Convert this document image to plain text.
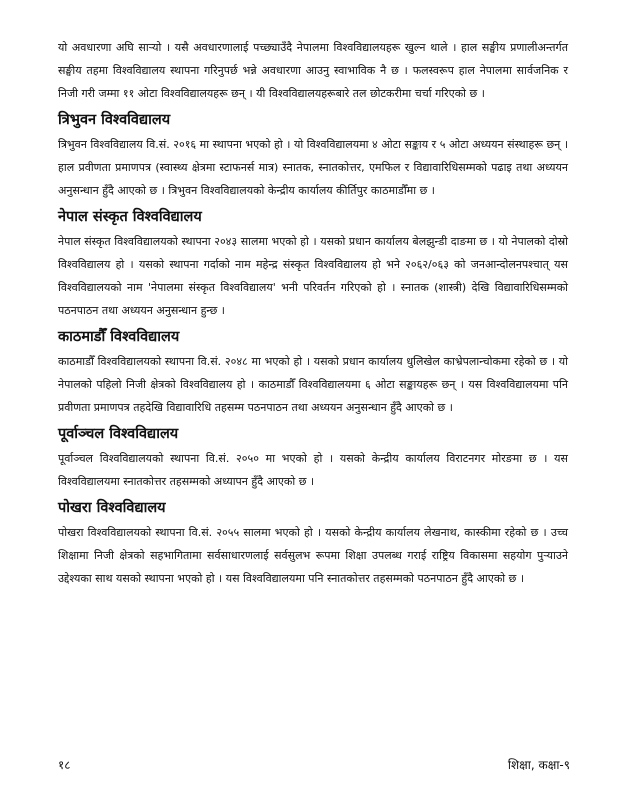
यो अवधारणा अघि सार्‍यो । यसै अवधारणालाई पच्छ्याउँदै नेपालमा विश्वविद्यालयहरू खुल्न थाले । हाल सङ्घीय प्रणालीअन्तर्गत सङ्घीय तहमा विश्वविद्यालय स्थापना गरिनुपर्छ भन्ने अवधारणा आउनु स्वाभाविक नै छ । फलस्वरूप हाल नेपालमा सार्वजनिक र निजी गरी जम्मा ११ ओटा विश्वविद्यालयहरू छन् । यी विश्वविद्यालयहरूबारे तल छोटकरीमा चर्चा गरिएको छ ।

त्रिभुवन विश्वविद्यालय

त्रिभुवन विश्वविद्यालय वि.सं. २०१६ मा स्थापना भएको हो । यो विश्वविद्यालयमा ४ ओटा सङ्काय र ५ ओटा अध्ययन संस्थाहरू छन् । हाल प्रवीणता प्रमाणपत्र (स्वास्थ्य क्षेत्रमा स्टाफनर्स मात्र) स्नातक, स्नातकोत्तर, एमफिल र विद्यावारिधिसम्मको पढाइ तथा अध्ययन अनुसन्धान हुँदै आएको छ । त्रिभुवन विश्वविद्यालयको केन्द्रीय कार्यालय कीर्तिपुर काठमाडौँमा छ ।

नेपाल संस्कृत विश्वविद्यालय

नेपाल संस्कृत विश्वविद्यालयको स्थापना २०४३ सालमा भएको हो । यसको प्रधान कार्यालय बेलझुन्डी दाङमा छ । यो नेपालको दोस्रो विश्वविद्यालय हो । यसको स्थापना गर्दाको नाम महेन्द्र संस्कृत विश्वविद्यालय हो भने २०६२/०६३ को जनआन्दोलनपश्चात् यस विश्वविद्यालयको नाम 'नेपालमा संस्कृत विश्वविद्यालय' भनी परिवर्तन गरिएको हो । स्नातक (शास्त्री) देखि विद्यावारिधिसम्मको पठनपाठन तथा अध्ययन अनुसन्धान हुन्छ ।

काठमाडौँ विश्वविद्यालय

काठमाडौँ विश्वविद्यालयको स्थापना वि.सं. २०४८ मा भएको हो । यसको प्रधान कार्यालय धुलिखेल काभ्रेपलान्चोकमा रहेको छ । यो नेपालको पहिलो निजी क्षेत्रको विश्वविद्यालय हो । काठमाडौँ विश्वविद्यालयमा ६ ओटा सङ्कायहरू छन् । यस विश्वविद्यालयमा पनि प्रवीणता प्रमाणपत्र तहदेखि विद्यावारिधि तहसम्म पठनपाठन तथा अध्ययन अनुसन्धान हुँदै आएको छ ।

पूर्वाञ्चल विश्वविद्यालय

पूर्वाञ्चल विश्वविद्यालयको स्थापना वि.सं. २०५० मा भएको हो । यसको केन्द्रीय कार्यालय विराटनगर मोरङमा छ । यस विश्वविद्यालयमा स्नातकोत्तर तहसम्मको अध्यापन हुँदै आएको छ ।

पोखरा विश्वविद्यालय

पोखरा विश्वविद्यालयको स्थापना वि.सं. २०५५ सालमा भएको हो । यसको केन्द्रीय कार्यालय लेखनाथ, कास्कीमा रहेको छ । उच्च शिक्षामा निजी क्षेत्रको सहभागितामा सर्वसाधारणलाई सर्वसुलभ रूपमा शिक्षा उपलब्ध गराई राष्ट्रिय विकासमा सहयोग पुर्‍याउने उद्देश्यका साथ यसको स्थापना भएको हो । यस विश्वविद्यालयमा पनि स्नातकोत्तर तहसम्मको पठनपाठन हुँदै आएको छ ।

१८	शिक्षा, कक्षा-९
